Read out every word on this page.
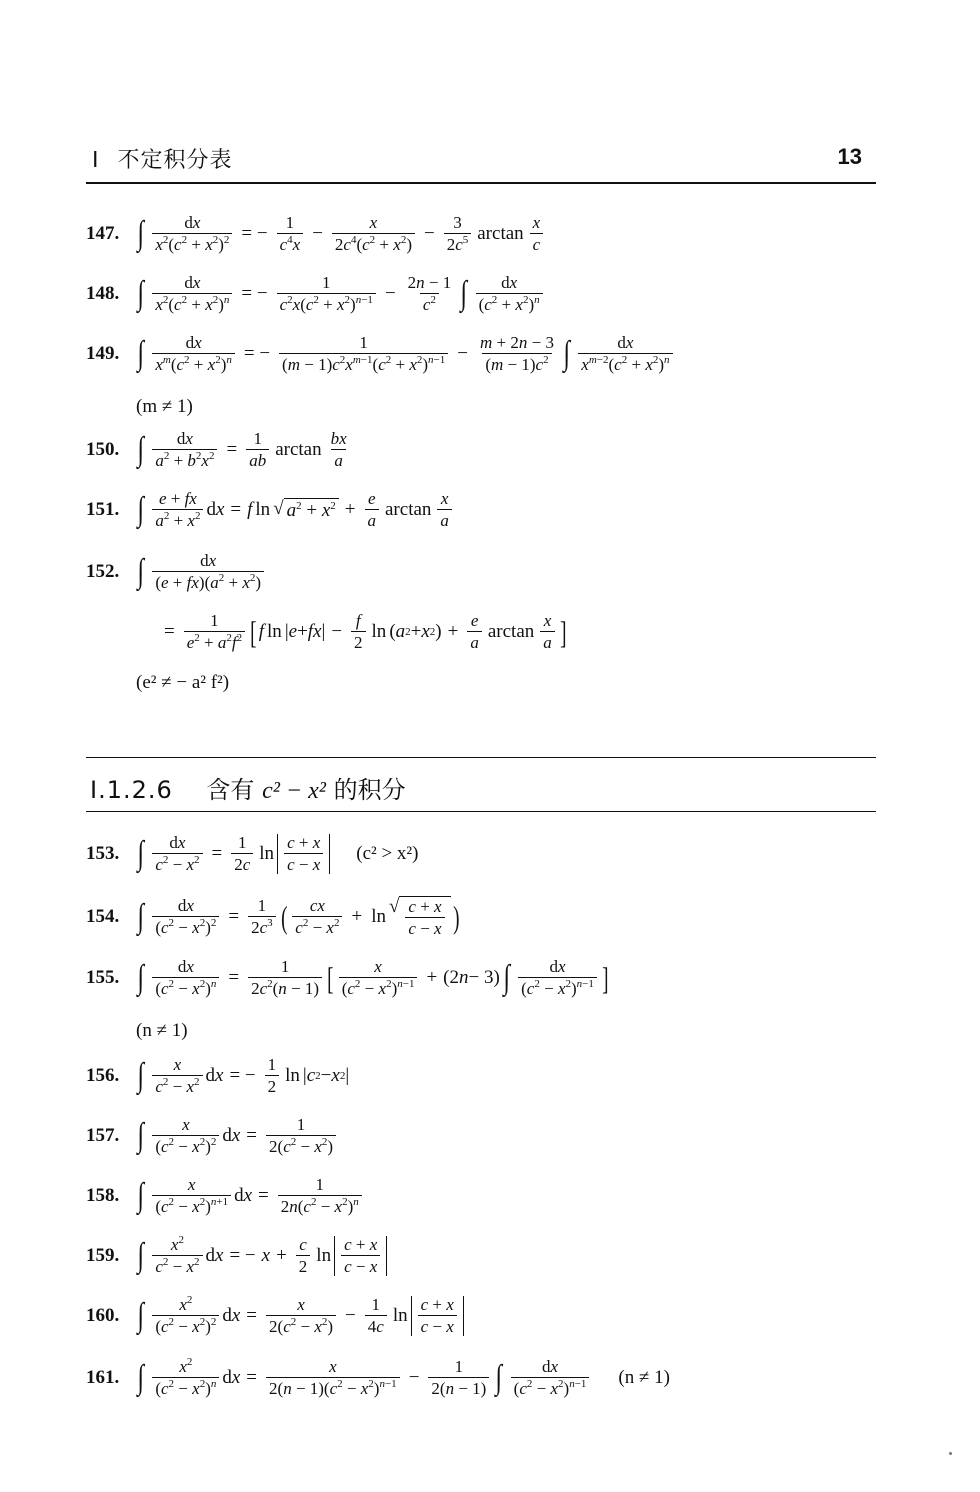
Ⅰ 不定积分表	13
147. ∫ $\frac{dx}{x^2(c^2 + x^2)^2}$ = − $\frac{1}{c^4x} - \frac{x}{2c^4(c^2 + x^2)} - \frac{3}{2c^5}$ $\arctan \frac{x}{c}$
148. ∫ $\frac{dx}{x^2(c^2 + x^2)^n}$ = − $\frac{1}{c^2x(c^2 + x^2)^{n-1}} - \frac{2n - 1}{c^2}$ ∫ $\frac{dx}{(c^2 + x^2)^n}$
149. ∫ $\frac{dx}{x^m(c^2 + x^2)^n}$ = − $\frac{1}{(m - 1)c^2x^{m-1}(c^2 + x^2)^{n-1}} - \frac{m + 2n - 3}{(m - 1)c^2}$ ∫ $\frac{dx}{x^{m-2}(c^2 + x^2)^n}$
(m ≠ 1)
150. ∫ $\frac{dx}{a^2 + b^2x^2} = \frac{1}{ab}$ $\arctan \frac{bx}{a}$
151. ∫ $\frac{e + fx}{a^2 + x^2}$ dx = f ln √ $a^2 + x^2 + \frac{e}{a}$ $\arctan \frac{x}{a}$
152. ∫ $\frac{dx}{(e + fx)(a^2 + x^2)}$
= $\frac{1}{e^2 + a^2f^2}$ [ f ln | e + fx | − $\frac{f}{2}$ ln ( a 2 + x 2 ) + $\frac{e}{a}$ $\arctan \frac{x}{a}$ ]
(e² ≠ − a² f²)
Ⅰ.1.2.6 含有 c² − x² 的积分
153. ∫ $\frac{dx}{c^2 - x^2} = \frac{1}{2c}$ $\ln \frac{c + x}{c - x} (c^2 > x^2)$
154. ∫ $\frac{dx}{(c^2 - x^2)^2} = \frac{1}{2c^3}$ ( $\frac{cx}{c^2 - x^2} + \ln$ √ $\frac{c + x}{c - x}$ )
155. ∫ $\frac{dx}{(c^2 - x^2)^n} = \frac{1}{2c^2(n - 1)}$ [ $\frac{x}{(c^2 - x^2)^{n-1}} + (2$ n − 3) ∫ $\frac{dx}{(c^2 - x^2)^{n-1}}$ ]
(n ≠ 1)
156. ∫ $\frac{x}{c^2 - x^2}$ dx = − $\frac{1}{2}$ ln | c 2 − x 2 |
157. ∫ $\frac{x}{(c^2 - x^2)^2}$ dx = $\frac{1}{2(c^2 - x^2)}$
158. ∫ $\frac{x}{(c^2 - x^2)^{n+1}}$ dx = $\frac{1}{2n(c^2 - x^2)^n}$
159. ∫ $\frac{x^2}{c^2 - x^2}$ dx = − $x + \frac{c}{2}$ $\ln \frac{c + x}{c - x}$
160. ∫ $\frac{x^2}{(c^2 - x^2)^2}$ dx = $\frac{x}{2(c^2 - x^2)} - \frac{1}{4c}$ $\ln \frac{c + x}{c - x}$
161. ∫ $\frac{x^2}{(c^2 - x^2)^n}$ dx = $\frac{x}{2(n - 1)(c^2 - x^2)^{n-1}} - \frac{1}{2(n - 1)}$ ∫ $\frac{dx}{(c^2 - x^2)^{n-1}} (n \ne 1)$
